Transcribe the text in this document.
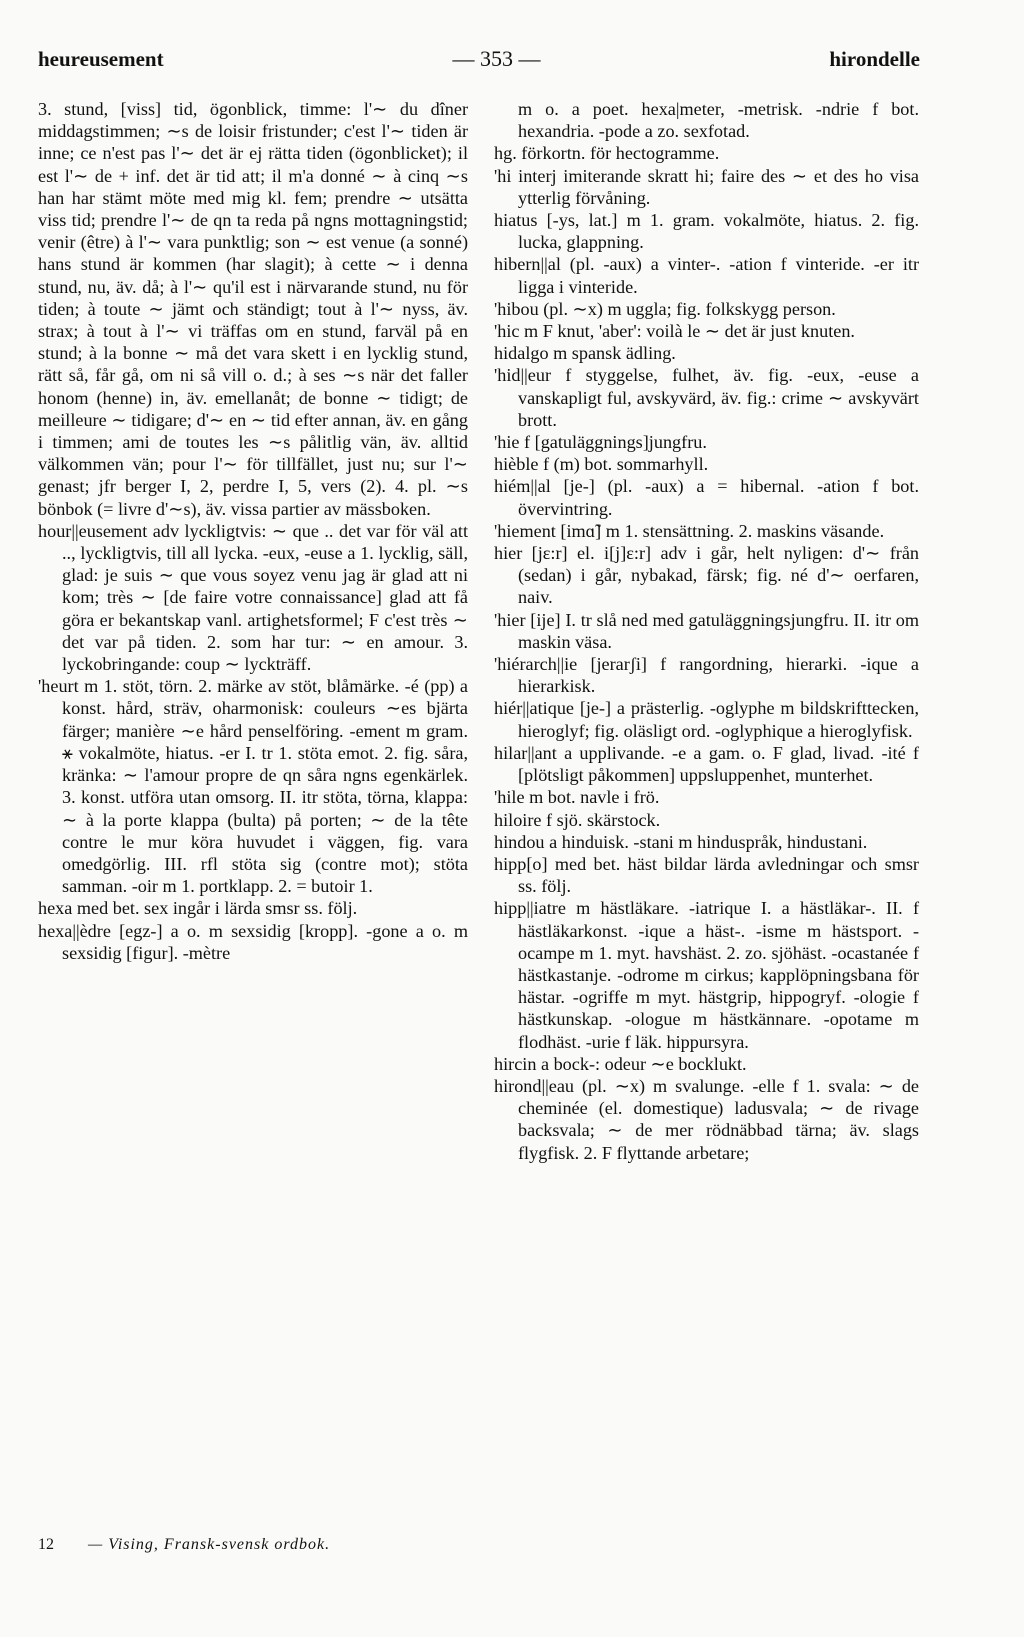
heureusement	— 353 —	hirondelle

3. stund, [viss] tid, ögonblick, timme: l'∼ du dîner middagstimmen; ∼s de loisir fristunder; c'est l'∼ tiden är inne; ce n'est pas l'∼ det är ej rätta tiden (ögonblicket); il est l'∼ de + inf. det är tid att; il m'a donné ∼ à cinq ∼s han har stämt möte med mig kl. fem; prendre ∼ utsätta viss tid; prendre l'∼ de qn ta reda på ngns mottagningstid; venir (être) à l'∼ vara punktlig; son ∼ est venue (a sonné) hans stund är kommen (har slagit); à cette ∼ i denna stund, nu, äv. då; à l'∼ qu'il est i närvarande stund, nu för tiden; à toute ∼ jämt och ständigt; tout à l'∼ nyss, äv. strax; à tout à l'∼ vi träffas om en stund, farväl på en stund; à la bonne ∼ må det vara skett i en lycklig stund, rätt så, får gå, om ni så vill o. d.; à ses ∼s när det faller honom (henne) in, äv. emellanåt; de bonne ∼ tidigt; de meilleure ∼ tidigare; d'∼ en ∼ tid efter annan, äv. en gång i timmen; ami de toutes les ∼s pålitlig vän, äv. alltid välkommen vän; pour l'∼ för tillfället, just nu; sur l'∼ genast; jfr berger I, 2, perdre I, 5, vers (2). 4. pl. ∼s bönbok (= livre d'∼s), äv. vissa partier av mässboken.

hour||eusement adv lyckligtvis: ∼ que .. det var för väl att .., lyckligtvis, till all lycka. -eux, -euse a 1. lycklig, säll, glad: je suis ∼ que vous soyez venu jag är glad att ni kom; très ∼ [de faire votre connaissance] glad att få göra er bekantskap vanl. artighetsformel; F c'est très ∼ det var på tiden. 2. som har tur: ∼ en amour. 3. lyckobringande: coup ∼ lyckträff.

'heurt m 1. stöt, törn. 2. märke av stöt, blåmärke. -é (pp) a konst. hård, sträv, oharmonisk: couleurs ∼es bjärta färger; manière ∼e hård penselföring. -ement m gram. ⚹ vokalmöte, hiatus. -er I. tr 1. stöta emot. 2. fig. såra, kränka: ∼ l'amour propre de qn såra ngns egenkärlek. 3. konst. utföra utan omsorg. II. itr stöta, törna, klappa: ∼ à la porte klappa (bulta) på porten; ∼ de la tête contre le mur köra huvudet i väggen, fig. vara omedgörlig. III. rfl stöta sig (contre mot); stöta samman. -oir m 1. portklapp. 2. = butoir 1.

hexa med bet. sex ingår i lärda smsr ss. följ.

hexa||èdre [egz-] a o. m sexsidig [kropp]. -gone a o. m sexsidig [figur]. -mètre

m o. a poet. hexa|meter, -metrisk. -ndrie f bot. hexandria. -pode a zo. sexfotad.

hg. förkortn. för hectogramme.

'hi interj imiterande skratt hi; faire des ∼ et des ho visa ytterlig förvåning.

hiatus [-ys, lat.] m 1. gram. vokalmöte, hiatus. 2. fig. lucka, glappning.

hibern||al (pl. -aux) a vinter-. -ation f vinteride. -er itr ligga i vinteride.

'hibou (pl. ∼x) m uggla; fig. folkskygg person.

'hic m F knut, 'aber': voilà le ∼ det är just knuten.

hidalgo m spansk ädling.

'hid||eur f styggelse, fulhet, äv. fig. -eux, -euse a vanskapligt ful, avskyvärd, äv. fig.: crime ∼ avskyvärt brott.

'hie f [gatuläggnings]jungfru.

hièble f (m) bot. sommarhyll.

hiém||al [je-] (pl. -aux) a = hibernal. -ation f bot. övervintring.

'hiement [imɑ̃] m 1. stensättning. 2. maskins väsande.

hier [jɛ:r] el. i[j]ɛ:r] adv i går, helt nyligen: d'∼ från (sedan) i går, nybakad, färsk; fig. né d'∼ oerfaren, naiv.

'hier [ije] I. tr slå ned med gatuläggningsjungfru. II. itr om maskin väsa.

'hiérarch||ie [jerarʃi] f rangordning, hierarki. -ique a hierarkisk.

hiér||atique [je-] a prästerlig. -oglyphe m bildskrifttecken, hieroglyf; fig. oläsligt ord. -oglyphique a hieroglyfisk.

hilar||ant a upplivande. -e a gam. o. F glad, livad. -ité f [plötsligt påkommen] uppsluppenhet, munterhet.

'hile m bot. navle i frö.

hiloire f sjö. skärstock.

hindou a hinduisk. -stani m hinduspråk, hindustani.

hipp[o] med bet. häst bildar lärda avledningar och smsr ss. följ.

hipp||iatre m hästläkare. -iatrique I. a hästläkar-. II. f hästläkarkonst. -ique a häst-. -isme m hästsport. -ocampe m 1. myt. havshäst. 2. zo. sjöhäst. -ocastanée f hästkastanje. -odrome m cirkus; kapplöpningsbana för hästar. -ogriffe m myt. hästgrip, hippogryf. -ologie f hästkunskap. -ologue m hästkännare. -opotame m flodhäst. -urie f läk. hippursyra.

hircin a bock-: odeur ∼e bocklukt.

hirond||eau (pl. ∼x) m svalunge. -elle f 1. svala: ∼ de cheminée (el. domestique) ladusvala; ∼ de rivage backsvala; ∼ de mer rödnäbbad tärna; äv. slags flygfisk. 2. F flyttande arbetare;

12 — Vising, Fransk-svensk ordbok.
